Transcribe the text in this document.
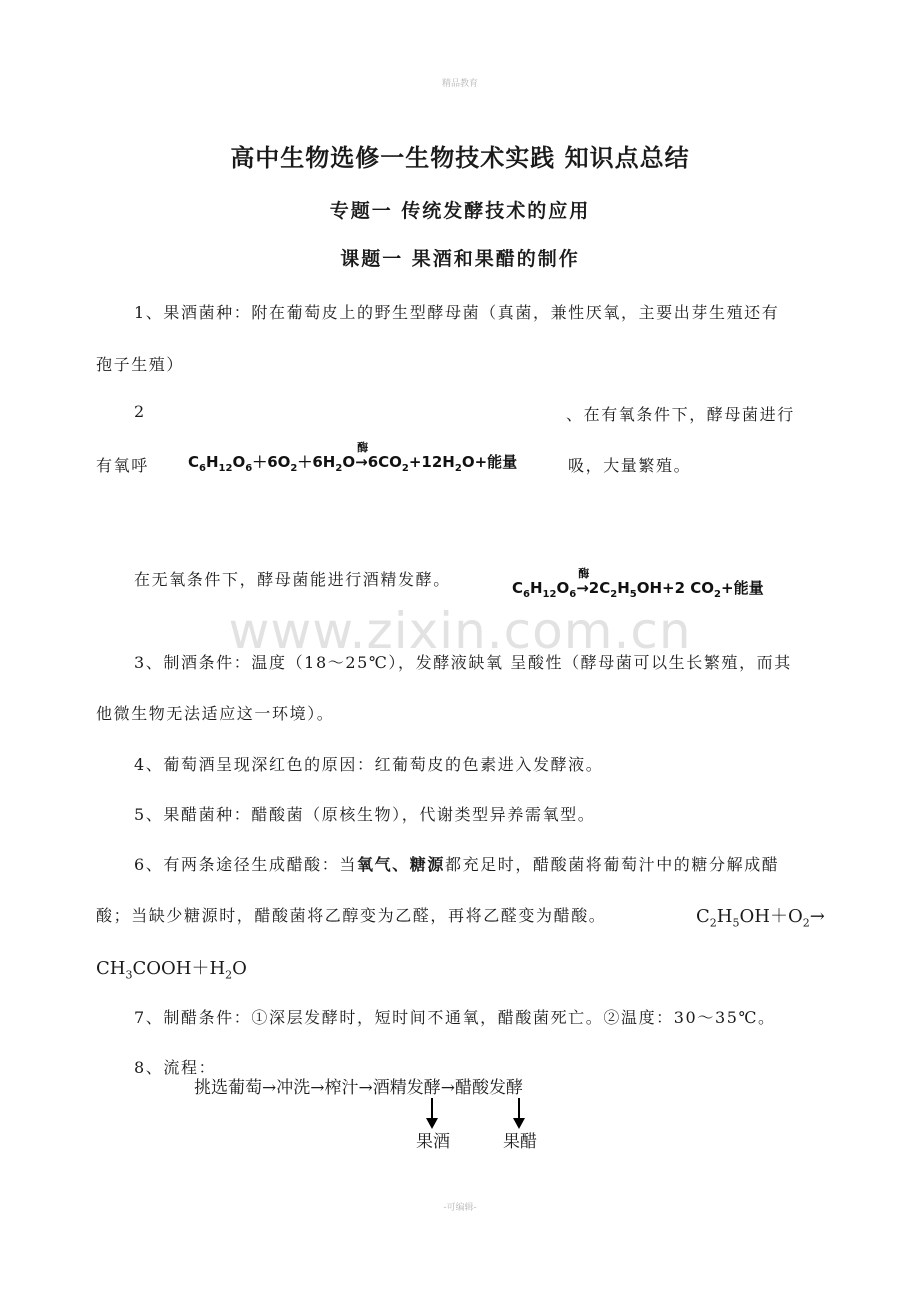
精品教育
高中生物选修一生物技术实践 知识点总结
专题一 传统发酵技术的应用
课题一 果酒和果醋的制作
1、果酒菌种：附在葡萄皮上的野生型酵母菌（真菌，兼性厌氧，主要出芽生殖还有
孢子生殖）
2	、在有氧条件下，酵母菌进行
有氧呼	吸，大量繁殖。
$C_6H_{12}O_6+6O_2+6H_2O$
酶
$\to 6CO_2+12H_2O+$能量
在无氧条件下，酵母菌能进行酒精发酵。	$C_6H_{12}O_6$
酶
$\to 2C_2H_5OH+2$ $CO_2+$能量
www.zixin.com.cn
3、制酒条件：温度（18～25℃），发酵液缺氧 呈酸性（酵母菌可以生长繁殖，而其
他微生物无法适应这一环境）。
4、葡萄酒呈现深红色的原因：红葡萄皮的色素进入发酵液。
5、果醋菌种：醋酸菌（原核生物），代谢类型异养需氧型。
6、有两条途径生成醋酸：当氧气、糖源都充足时，醋酸菌将葡萄汁中的糖分解成醋
酸；当缺少糖源时，醋酸菌将乙醇变为乙醛，再将乙醛变为醋酸。	$C_2H_5OH+O_2\to$
$CH_3COOH+H_2O$
7、制醋条件：①深层发酵时，短时间不通氧，醋酸菌死亡。②温度：30～35℃。
8、流程：
挑选葡萄→冲洗→榨汁→酒精发酵→醋酸发酵
果酒	果醋
-可编辑-
